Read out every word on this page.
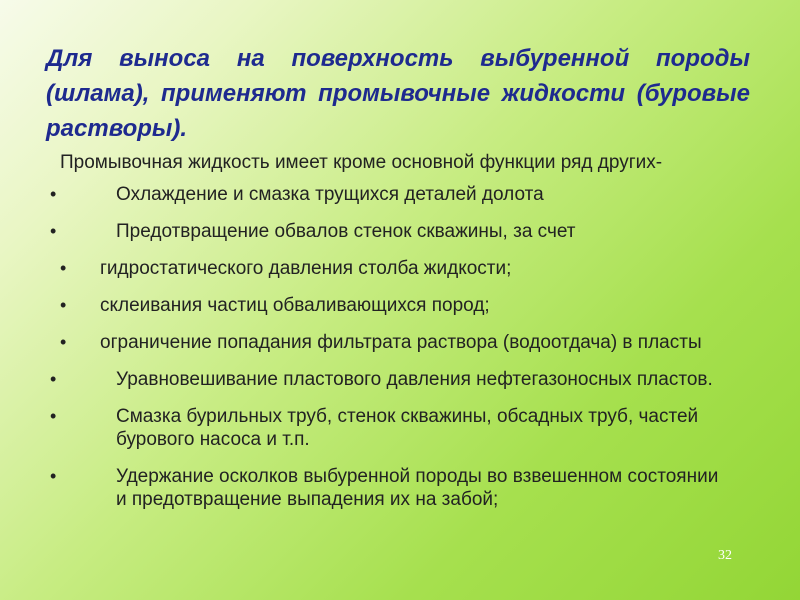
Для выноса на поверхность выбуренной породы (шлама), применяют промывочные жидкости (буровые растворы).

Промывочная жидкость имеет кроме основной функции ряд других-

•	Охлаждение и смазка трущихся деталей долота
•	Предотвращение обвалов стенок скважины, за счет
•	гидростатического давления столба жидкости;
•	склеивания частиц обваливающихся пород;
•	ограничение попадания фильтрата раствора (водоотдача) в пласты
•	Уравновешивание пластового давления нефтегазоносных пластов.
•	Смазка бурильных труб, стенок скважины, обсадных труб, частей бурового насоса и т.п.
•	Удержание осколков выбуренной породы во взвешенном состоянии и предотвращение выпадения их на забой;
32
